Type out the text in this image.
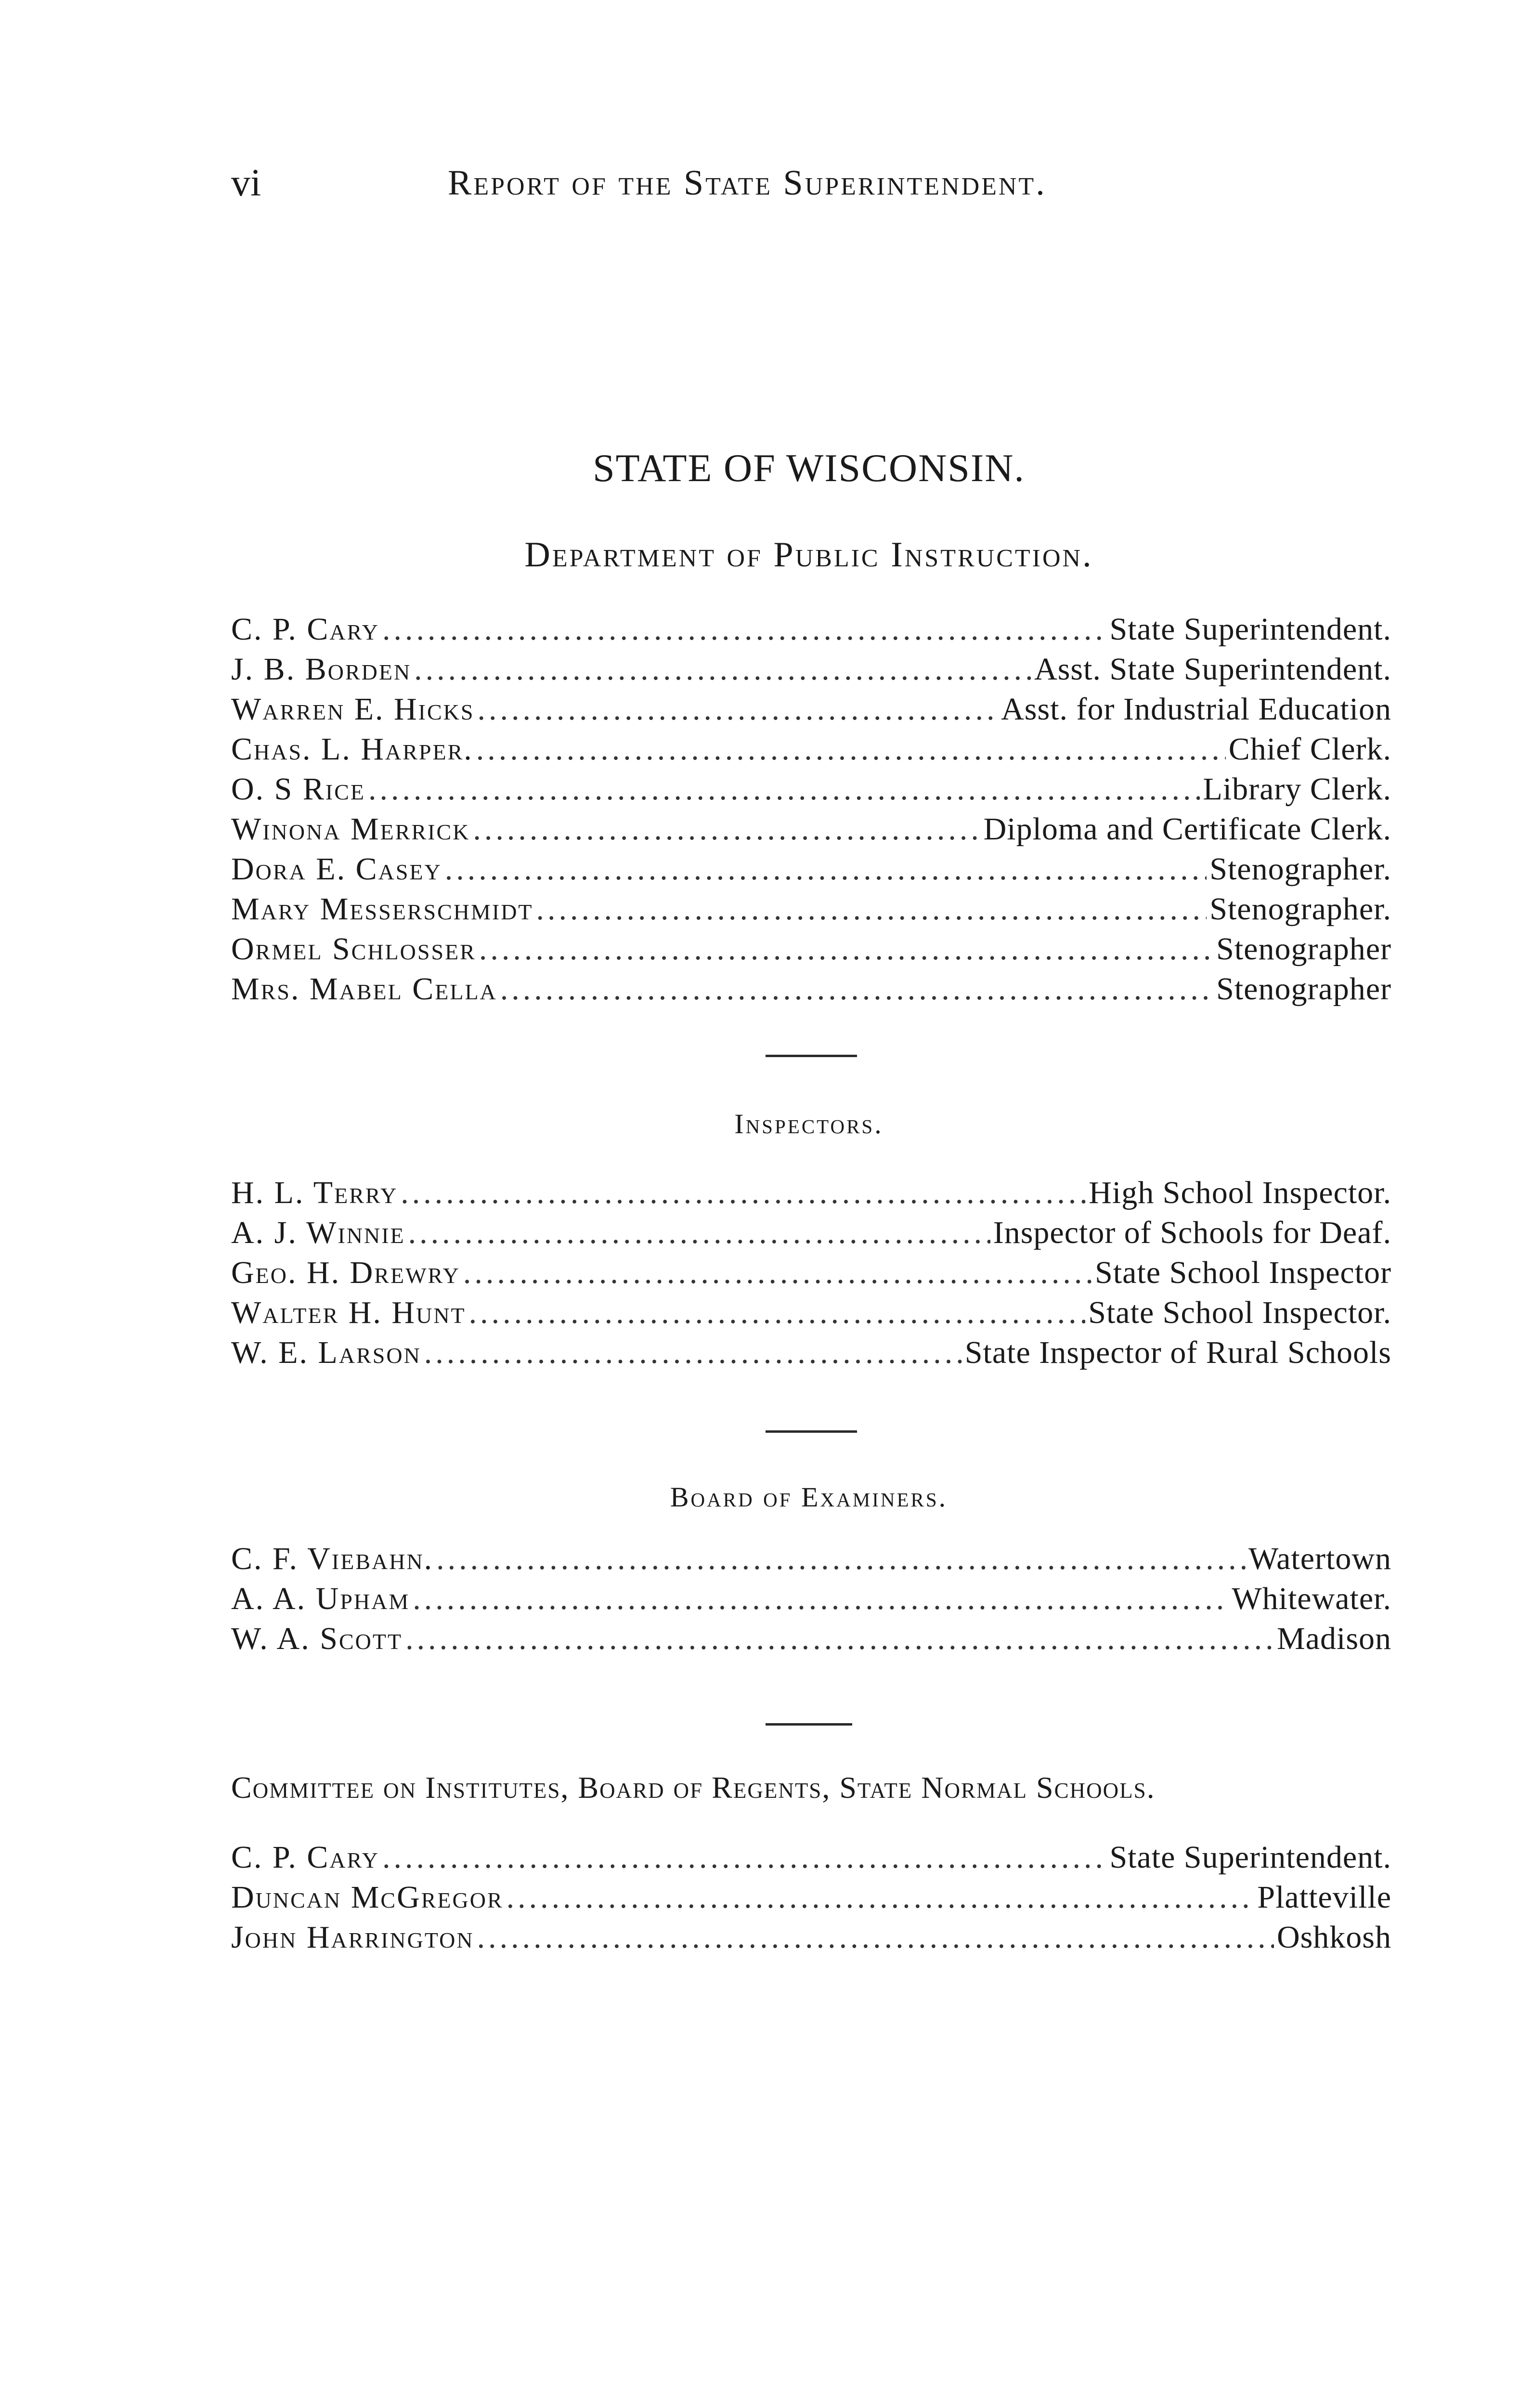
vi	Report of the State Superintendent.
STATE OF WISCONSIN.
Department of Public Instruction.
C. P. Cary .....	State Superintendent.
J. B. Borden .....	Asst. State Superintendent.
Warren E. Hicks .....	Asst. for Industrial Education
Chas. L. Harper. .....	Chief Clerk.
O. S Rice .....	Library Clerk.
Winona Merrick .....	Diploma and Certificate Clerk.
Dora E. Casey .....	Stenographer.
Mary Messerschmidt .....	Stenographer.
Ormel Schlosser .....	Stenographer
Mrs. Mabel Cella .....	Stenographer
Inspectors.
H. L. Terry .....	High School Inspector.
A. J. Winnie .....	Inspector of Schools for Deaf.
Geo. H. Drewry .....	State School Inspector
Walter H. Hunt .....	State School Inspector.
W. E. Larson .....	State Inspector of Rural Schools
Board of Examiners.
C. F. Viebahn. .....	Watertown
A. A. Upham .....	Whitewater.
W. A. Scott .....	Madison
Committee on Institutes, Board of Regents, State Normal Schools.
C. P. Cary .....	State Superintendent.
Duncan McGregor .....	Platteville
John Harrington .....	Oshkosh
